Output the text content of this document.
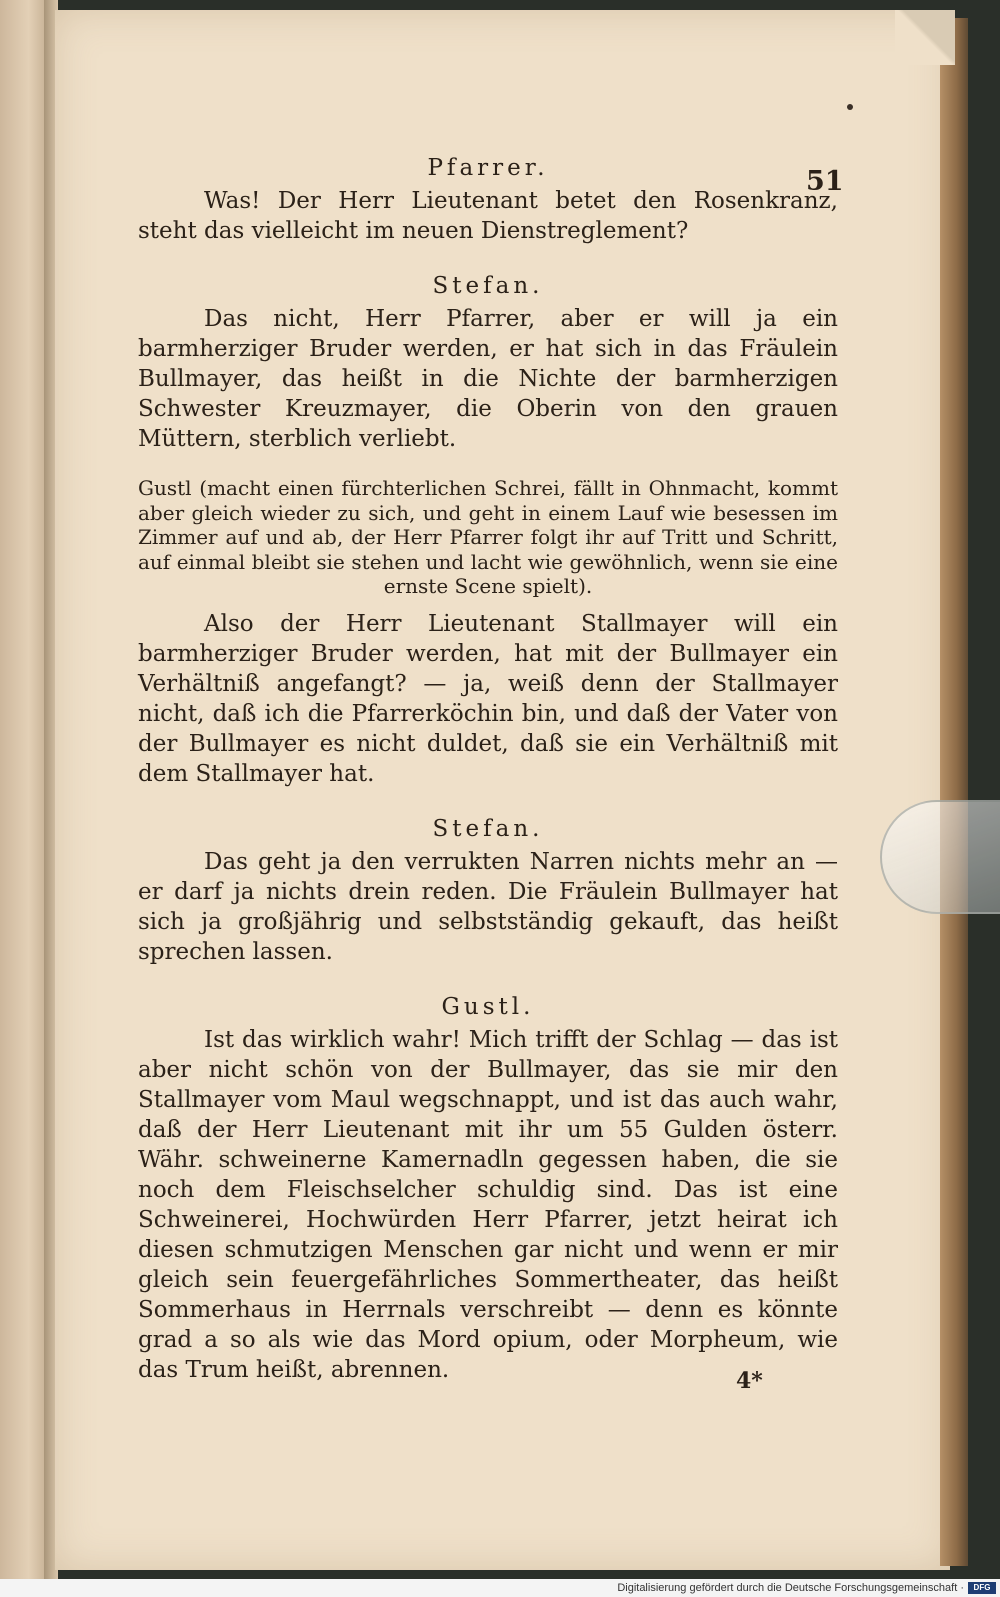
51

Pfarrer.

Was! Der Herr Lieutenant betet den Rosenkranz, steht das vielleicht im neuen Dienstreglement?

Stefan.

Das nicht, Herr Pfarrer, aber er will ja ein barmherziger Bruder werden, er hat sich in das Fräulein Bullmayer, das heißt in die Nichte der barmherzigen Schwester Kreuzmayer, die Oberin von den grauen Müttern, sterblich verliebt.

Gustl (macht einen fürchterlichen Schrei, fällt in Ohnmacht, kommt aber gleich wieder zu sich, und geht in einem Lauf wie besessen im Zimmer auf und ab, der Herr Pfarrer folgt ihr auf Tritt und Schritt, auf einmal bleibt sie stehen und lacht wie gewöhnlich, wenn sie eine ernste Scene spielt).

Also der Herr Lieutenant Stallmayer will ein barmherziger Bruder werden, hat mit der Bullmayer ein Verhältniß angefangt? — ja, weiß denn der Stallmayer nicht, daß ich die Pfarrerköchin bin, und daß der Vater von der Bullmayer es nicht duldet, daß sie ein Verhältniß mit dem Stallmayer hat.

Stefan.

Das geht ja den verrukten Narren nichts mehr an — er darf ja nichts drein reden. Die Fräulein Bullmayer hat sich ja großjährig und selbstständig gekauft, das heißt sprechen lassen.

Gustl.

Ist das wirklich wahr! Mich trifft der Schlag — das ist aber nicht schön von der Bullmayer, das sie mir den Stallmayer vom Maul wegschnappt, und ist das auch wahr, daß der Herr Lieutenant mit ihr um 55 Gulden österr. Währ. schweinerne Kamernadln gegessen haben, die sie noch dem Fleischselcher schuldig sind. Das ist eine Schweinerei, Hochwürden Herr Pfarrer, jetzt heirat ich diesen schmutzigen Menschen gar nicht und wenn er mir gleich sein feuergefährliches Sommertheater, das heißt Sommerhaus in Herrnals verschreibt — denn es könnte grad a so als wie das Mord opium, oder Morpheum, wie das Trum heißt, abrennen.	4*
Digitalisierung gefördert durch die Deutsche Forschungsgemeinschaft ·	DFG
